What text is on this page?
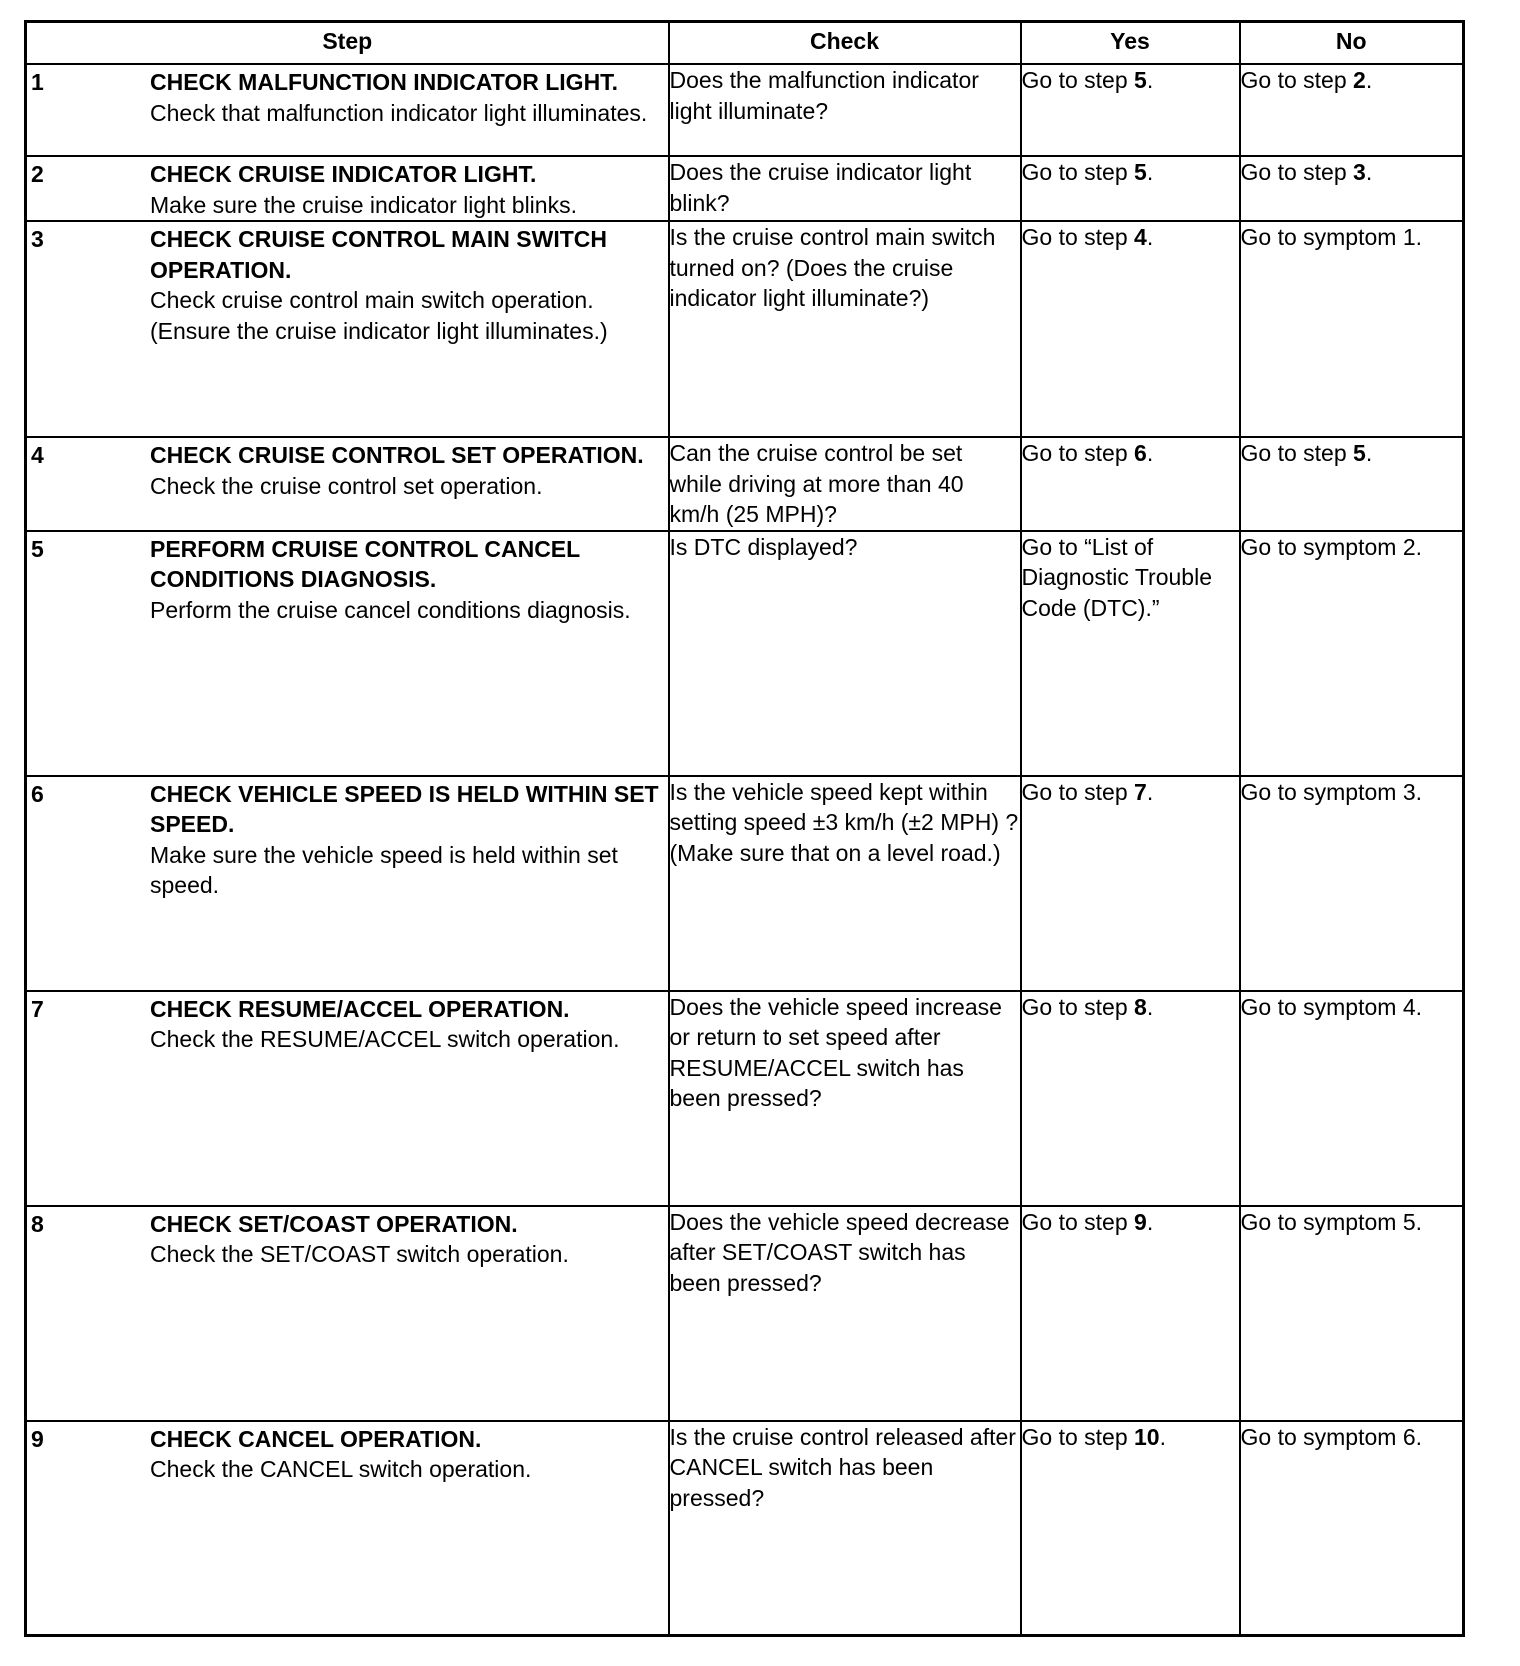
Step	Check	Yes	No

1 CHECK MALFUNCTION INDICATOR LIGHT.
Check that malfunction indicator light illuminates.	Does the malfunction indicator light illuminate?	Go to step 5.	Go to step 2.

2 CHECK CRUISE INDICATOR LIGHT.
Make sure the cruise indicator light blinks.	Does the cruise indicator light blink?	Go to step 5.	Go to step 3.

3 CHECK CRUISE CONTROL MAIN SWITCH OPERATION.
Check cruise control main switch operation. (Ensure the cruise indicator light illuminates.)	Is the cruise control main switch turned on? (Does the cruise indicator light illuminate?)	Go to step 4.	Go to symptom 1.

4 CHECK CRUISE CONTROL SET OPERATION.
Check the cruise control set operation.	Can the cruise control be set while driving at more than 40 km/h (25 MPH)?	Go to step 6.	Go to step 5.

5 PERFORM CRUISE CONTROL CANCEL CONDITIONS DIAGNOSIS.
Perform the cruise cancel conditions diagnosis.	Is DTC displayed?	Go to “List of Diagnostic Trouble Code (DTC).”	Go to symptom 2.

6 CHECK VEHICLE SPEED IS HELD WITHIN SET SPEED.
Make sure the vehicle speed is held within set speed.	Is the vehicle speed kept within setting speed ±3 km/h (±2 MPH) ? (Make sure that on a level road.)	Go to step 7.	Go to symptom 3.

7 CHECK RESUME/ACCEL OPERATION.
Check the RESUME/ACCEL switch operation.	Does the vehicle speed increase or return to set speed after RESUME/ACCEL switch has been pressed?	Go to step 8.	Go to symptom 4.

8 CHECK SET/COAST OPERATION.
Check the SET/COAST switch operation.	Does the vehicle speed decrease after SET/COAST switch has been pressed?	Go to step 9.	Go to symptom 5.

9 CHECK CANCEL OPERATION.
Check the CANCEL switch operation.	Is the cruise control released after CANCEL switch has been pressed?	Go to step 10.	Go to symptom 6.
